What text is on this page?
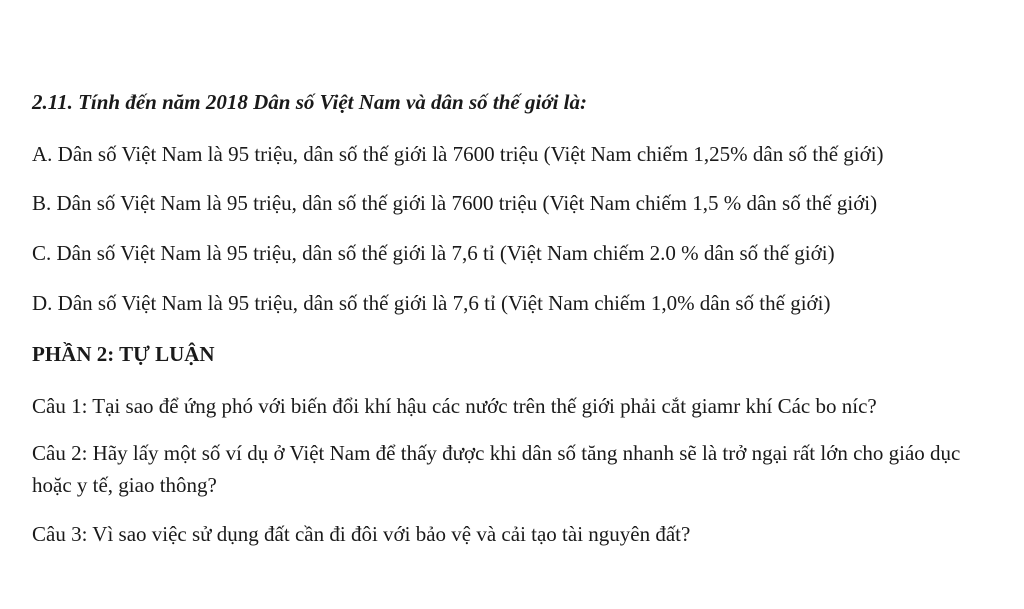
2.11. Tính đến năm 2018 Dân số Việt Nam và dân số thế giới là:
A. Dân số Việt Nam là 95 triệu, dân số thế giới là 7600 triệu (Việt Nam chiếm 1,25% dân số thế giới)
B. Dân số Việt Nam là 95 triệu, dân số thế giới là 7600 triệu (Việt Nam chiếm 1,5 % dân số thế giới)
C. Dân số Việt Nam là 95 triệu, dân số thế giới là 7,6 tỉ (Việt Nam chiếm 2.0 % dân số thế giới)
D. Dân số Việt Nam là 95 triệu, dân số thế giới là 7,6 tỉ (Việt Nam chiếm 1,0% dân số thế giới)
PHẦN 2: TỰ LUẬN
Câu 1: Tại sao để ứng phó với biến đổi khí hậu các nước trên thế giới phải cắt giamr khí Các bo níc?
Câu 2: Hãy lấy một số ví dụ ở Việt Nam để thấy được khi dân số tăng nhanh sẽ là trở ngại rất lớn cho giáo dục hoặc y tế, giao thông?
Câu 3: Vì sao việc sử dụng đất cần đi đôi với bảo vệ và cải tạo tài nguyên đất?
